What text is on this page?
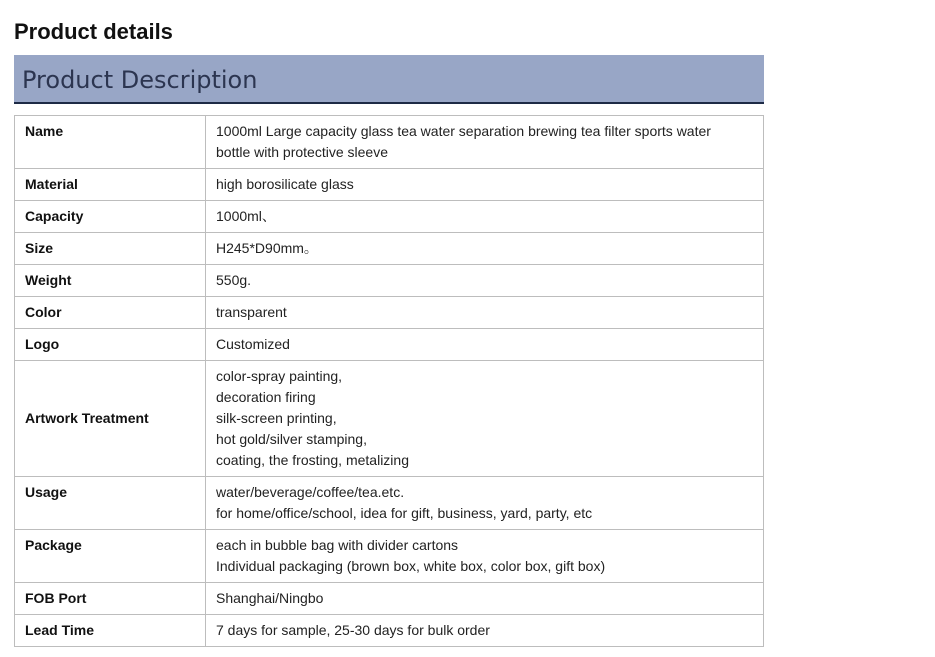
Product details
Product Description
Name	1000ml Large capacity glass tea water separation brewing tea filter sports water
bottle with protective sleeve

Material	high borosilicate glass

Capacity	1000ml、

Size	H245*D90mm。

Weight	550g.

Color	transparent

Logo	Customized

Artwork Treatment	color-spray painting,
decoration firing
silk-screen printing,
hot gold/silver stamping,
coating, the frosting, metalizing

Usage	water/beverage/coffee/tea.etc.
for home/office/school, idea for gift, business, yard, party, etc

Package	each in bubble bag with divider cartons
Individual packaging (brown box, white box, color box, gift box)

FOB Port	Shanghai/Ningbo

Lead Time	7 days for sample, 25-30 days for bulk order
